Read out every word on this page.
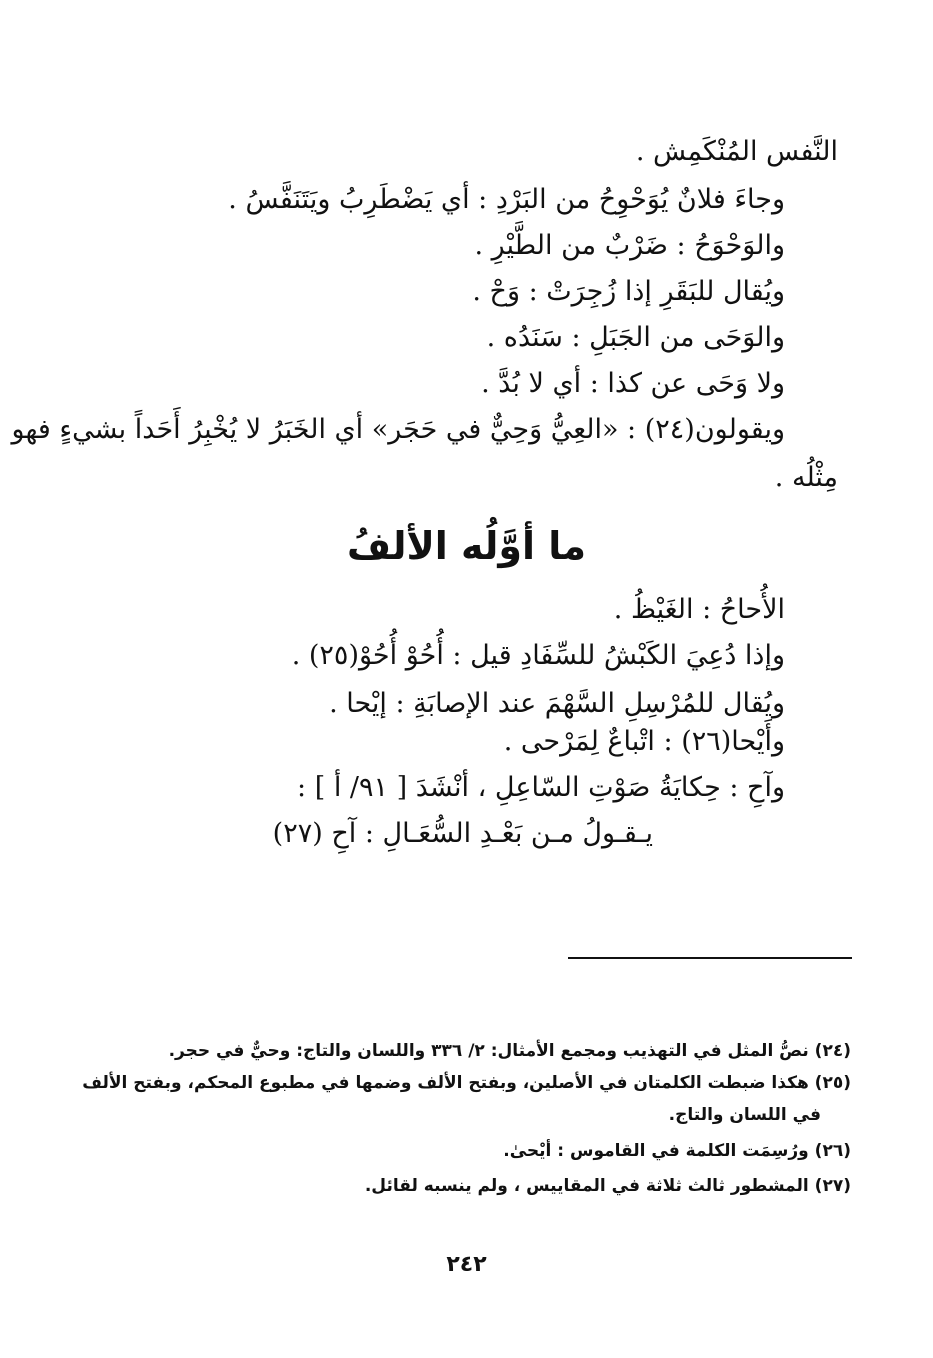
النَّفس المُنْكَمِش .
وجاءَ فلانٌ يُوَحْوِحُ من البَرْدِ : أي يَضْطَرِبُ ويَتَنَفَّسُ .
والوَحْوَحُ : ضَرْبٌ من الطَّيْرِ .
ويُقال للبَقَرِ إذا زُجِرَتْ : وَحْ .
والوَحَى من الجَبَلِ : سَنَدُه .
ولا وَحَى عن كذا : أي لا بُدَّ .
ويقولون(٢٤) : «العِيُّ وَحِيٌّ في حَجَر» أي الخَبَرُ لا يُخْبِرُ أَحَداً بشيءٍ فهو
مِثْلُه .
ما أوَّلُه الألفُ
الأُحاحُ : الغَيْظُ .
وإذا دُعِيَ الكَبْشُ للسِّفَادِ قيل : أُحُوْ أُحُوْ(٢٥) .
ويُقال للمُرْسِلِ السَّهْمَ عند الإصابَةِ : إيْحا .
وأَيْحا(٢٦) : اتْباعٌ لِمَرْحى .
وآحِ : حِكايَةُ صَوْتِ السّاعِلِ ، أنْشَدَ [ ٩١/ أ ] :
يـقـولُ مـن بَعْـدِ السُّعَـالِ : آحِ (٢٧)
(٢٤) نصُّ المثل في التهذيب ومجمع الأمثال: ٢/ ٣٣٦ واللسان والتاج: وحيٌّ في حجر.
(٢٥) هكذا ضبطت الكلمتان في الأصلين، وبفتح الألف وضمها في مطبوع المحكم، وبفتح الألف
في اللسان والتاج.
(٢٦) ورُسِمَت الكلمة في القاموس : أيْحىٰ.
(٢٧) المشطور ثالث ثلاثة في المقاييس ، ولم ينسبه لقائل.
٢٤٢
